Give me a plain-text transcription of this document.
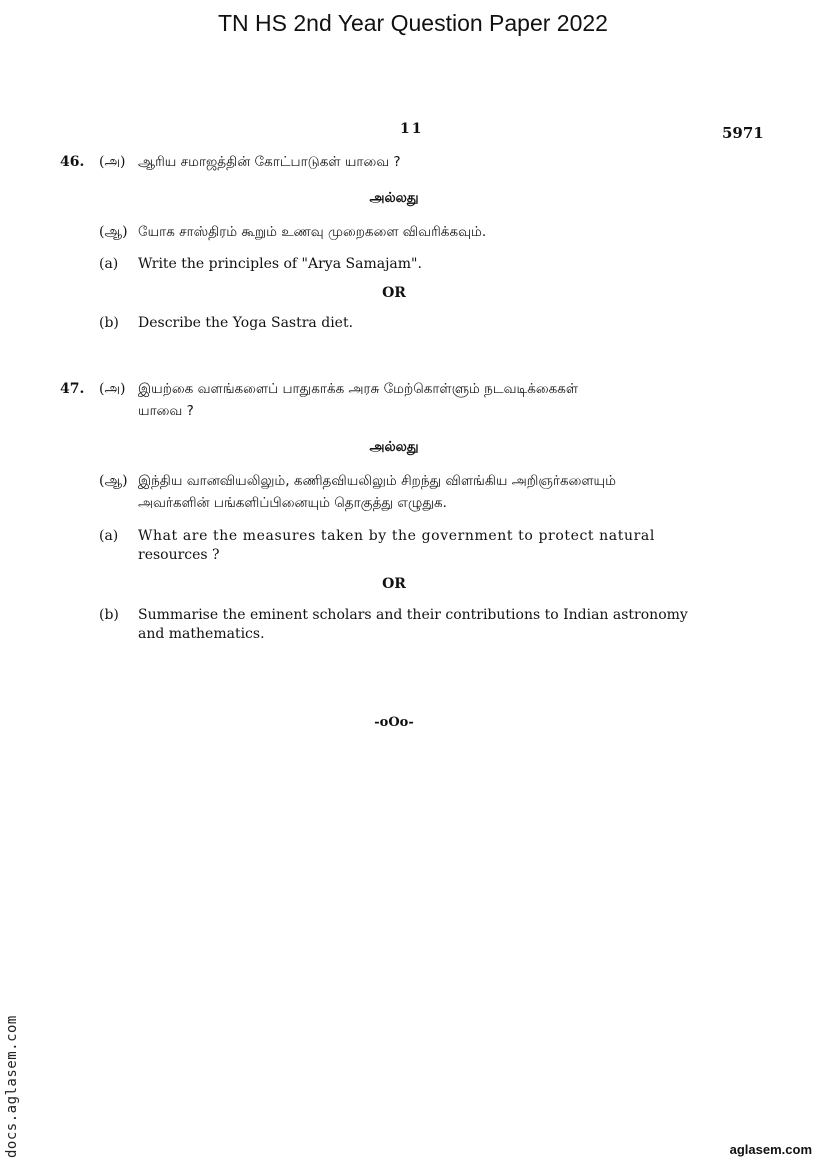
TN HS 2nd Year Question Paper 2022
11	5971
46. (அ) ஆரிய சமாஜத்தின் கோட்பாடுகள் யாவை ?
அல்லது
(ஆ) யோக சாஸ்திரம் கூறும் உணவு முறைகளை விவரிக்கவும்.
(a) Write the principles of "Arya Samajam".
OR
(b) Describe the Yoga Sastra diet.
47. (அ) இயற்கை வளங்களைப் பாதுகாக்க அரசு மேற்கொள்ளும் நடவடிக்கைகள்
யாவை ?
அல்லது
(ஆ) இந்திய வானவியலிலும், கணிதவியலிலும் சிறந்து விளங்கிய அறிஞர்களையும்
அவர்களின் பங்களிப்பினையும் தொகுத்து எழுதுக.
(a) What are the measures taken by the government to protect natural
resources ?
OR
(b) Summarise the eminent scholars and their contributions to Indian astronomy
and mathematics.
-oOo-
docs.aglasem.com	aglasem.com
